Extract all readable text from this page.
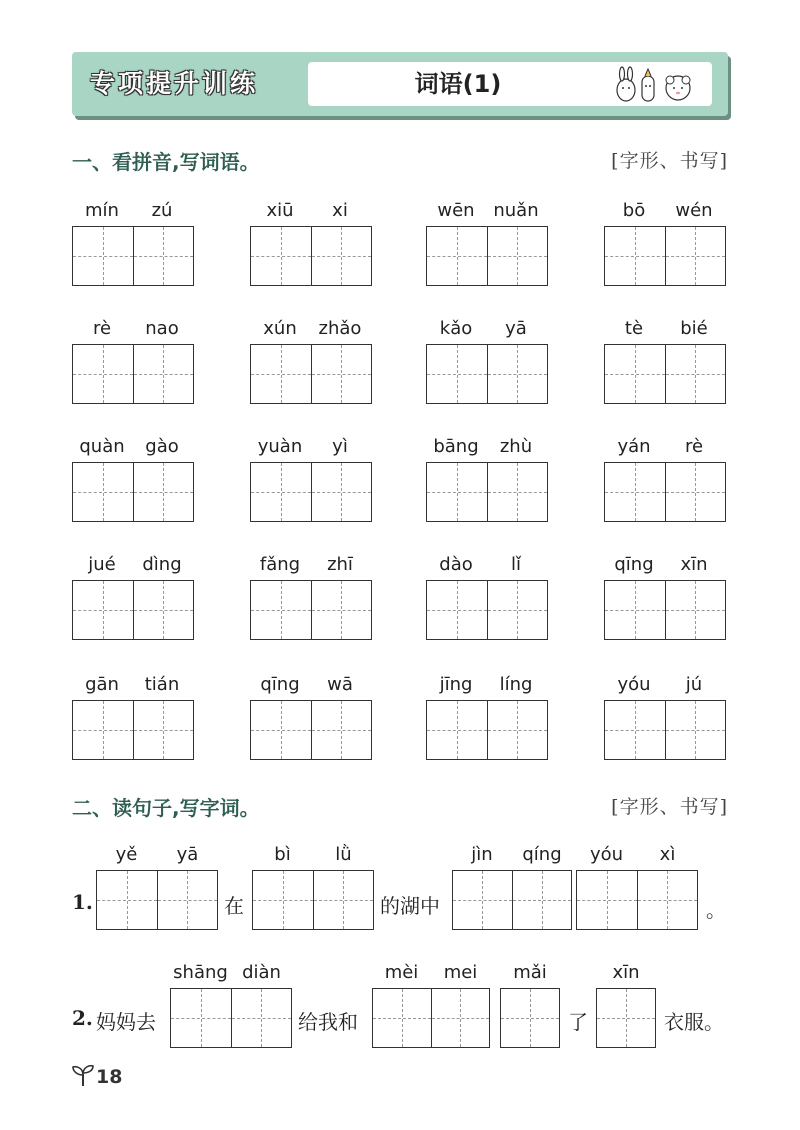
专项提升训练	词语(1)
一、看拼音,写词语。	[字形、书写]
mín	zú	xiū	xi	wēn	nuǎn	bō	wén
rè	nao	xún	zhǎo	kǎo	yā	tè	bié
quàn	gào	yuàn	yì	bāng	zhù	yán	rè
jué	dìng	fǎng	zhī	dào	lǐ	qīng	xīn
gān	tián	qīng	wā	jīng	líng	yóu	jú
二、读句子,写字词。	[字形、书写]
1.
yě	yā
在
bì	lǜ
的湖中
jìn	qíng	yóu	xì
。
2. 妈妈去
shāng diàn
给我和
mèi	mei	mǎi
了
xīn
衣服。
18
